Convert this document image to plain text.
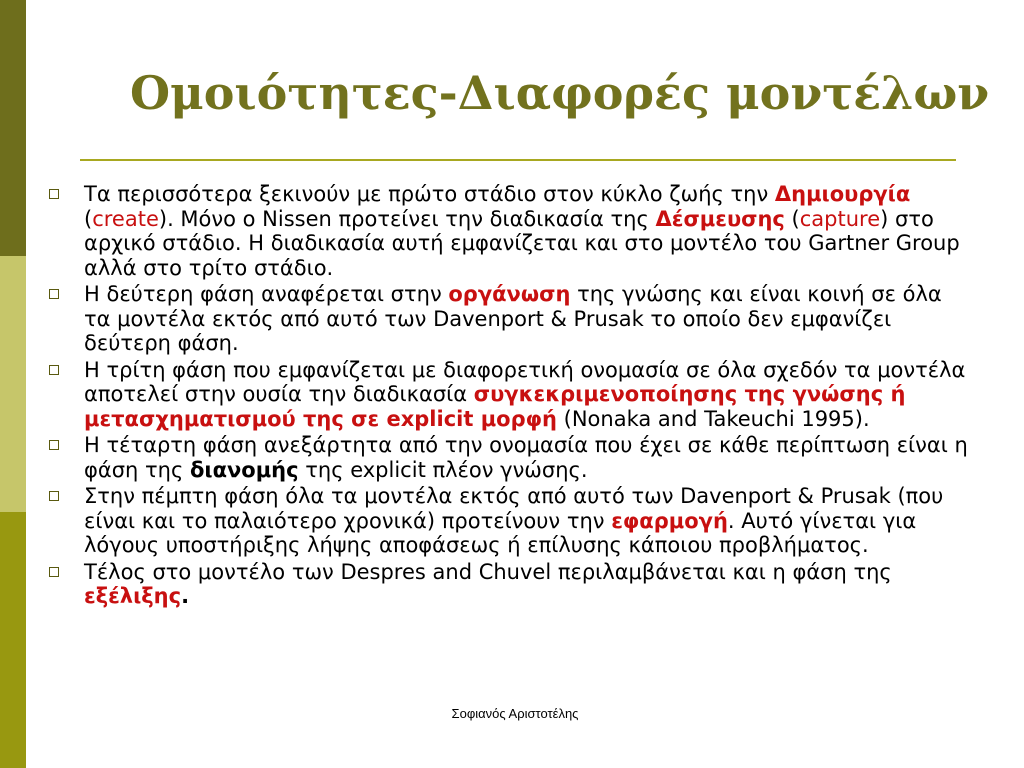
Ομοιότητες-Διαφορές μοντέλων
Τα περισσότερα ξεκινούν με πρώτο στάδιο στον κύκλο ζωής την Δημιουργία (create). Μόνο ο Nissen προτείνει την διαδικασία της Δέσμευσης (capture) στο αρχικό στάδιο. Η διαδικασία αυτή εμφανίζεται και στο μοντέλο του Gartner Group αλλά στο τρίτο στάδιο.
Η δεύτερη φάση αναφέρεται στην οργάνωση της γνώσης και είναι κοινή σε όλα τα μοντέλα εκτός από αυτό των Davenport & Prusak το οποίο δεν εμφανίζει δεύτερη φάση.
Η τρίτη φάση που εμφανίζεται με διαφορετική ονομασία σε όλα σχεδόν τα μοντέλα αποτελεί στην ουσία την διαδικασία συγκεκριμενοποίησης της γνώσης ή μετασχηματισμού της σε explicit μορφή (Nonaka and Takeuchi 1995).
Η τέταρτη φάση ανεξάρτητα από την ονομασία που έχει σε κάθε περίπτωση είναι η φάση της διανομής της explicit πλέον γνώσης.
Στην πέμπτη φάση όλα τα μοντέλα εκτός από αυτό των Davenport & Prusak (που είναι και το παλαιότερο χρονικά) προτείνουν την εφαρμογή. Αυτό γίνεται για λόγους υποστήριξης λήψης αποφάσεως ή επίλυσης κάποιου προβλήματος.
Τέλος στο μοντέλο των Despres and Chuvel περιλαμβάνεται και η φάση της εξέλιξης.
Σοφιανός Αριστοτέλης
